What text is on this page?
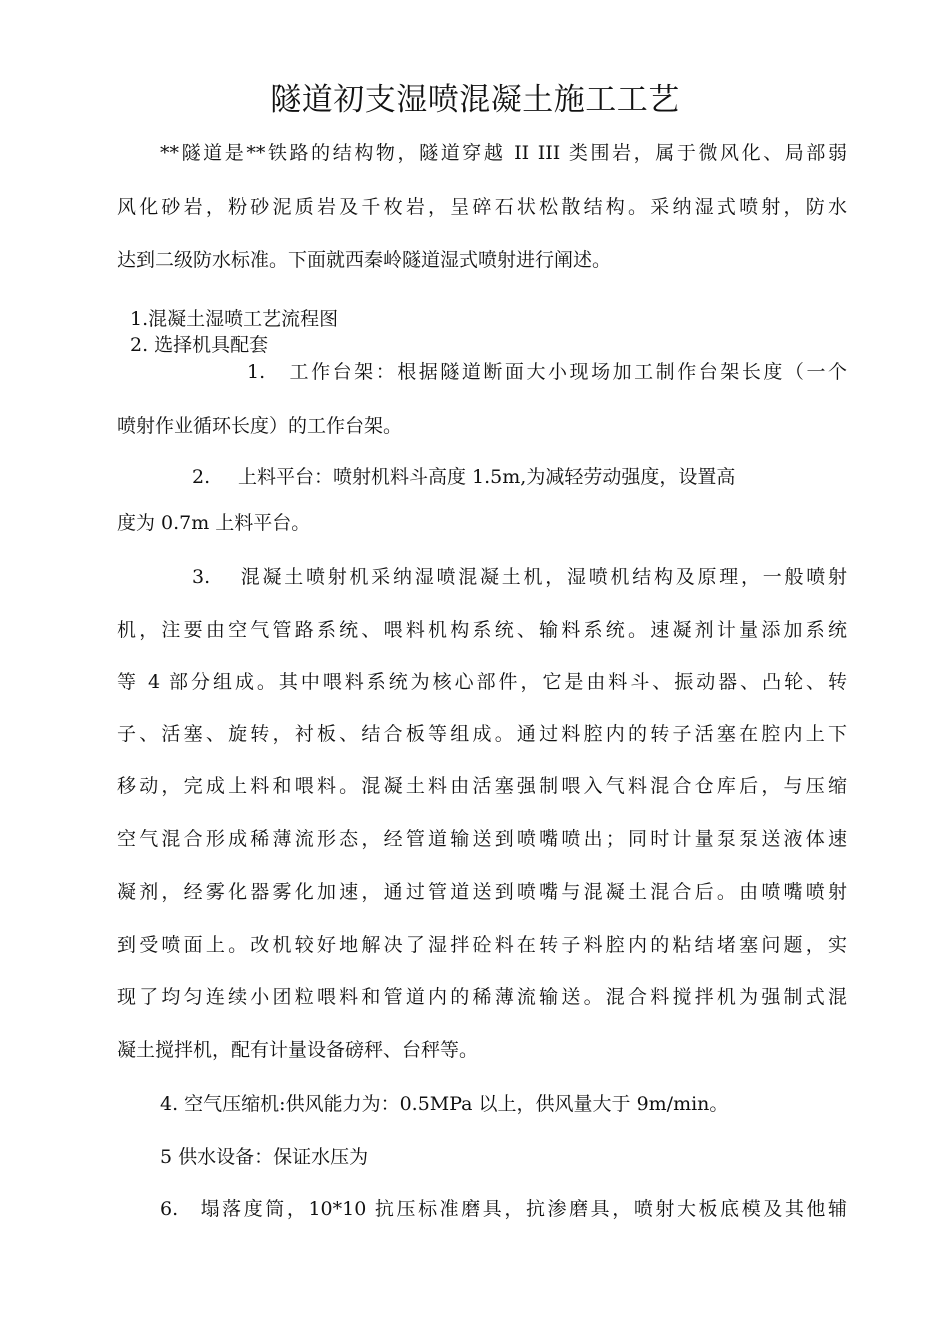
隧道初支湿喷混凝土施工工艺
**隧道是**铁路的结构物，隧道穿越 II III 类围岩，属于微风化、局部弱
风化砂岩，粉砂泥质岩及千枚岩，呈碎石状松散结构。采纳湿式喷射，防水
达到二级防水标准。下面就西秦岭隧道湿式喷射进行阐述。
1.混凝土湿喷工艺流程图
2. 选择机具配套
1. 工作台架：根据隧道断面大小现场加工制作台架长度（一个
喷射作业循环长度）的工作台架。
2. 上料平台：喷射机料斗高度 1.5m,为减轻劳动强度，设置高
度为 0.7m 上料平台。
3. 混凝土喷射机采纳湿喷混凝土机，湿喷机结构及原理，一般喷射
机，注要由空气管路系统、喂料机构系统、输料系统。速凝剂计量添加系统
等 4 部分组成。其中喂料系统为核心部件，它是由料斗、振动器、凸轮、转
子、活塞、旋转，衬板、结合板等组成。通过料腔内的转子活塞在腔内上下
移动，完成上料和喂料。混凝土料由活塞强制喂入气料混合仓库后，与压缩
空气混合形成稀薄流形态，经管道输送到喷嘴喷出；同时计量泵泵送液体速
凝剂，经雾化器雾化加速，通过管道送到喷嘴与混凝土混合后。由喷嘴喷射
到受喷面上。改机较好地解决了湿拌砼料在转子料腔内的粘结堵塞问题，实
现了均匀连续小团粒喂料和管道内的稀薄流输送。混合料搅拌机为强制式混
凝土搅拌机，配有计量设备磅秤、台秤等。
4. 空气压缩机:供风能力为：0.5MPa 以上，供风量大于 9m/min。
5 供水设备：保证水压为
6. 塌落度筒，10*10 抗压标准磨具，抗渗磨具，喷射大板底模及其他辅
